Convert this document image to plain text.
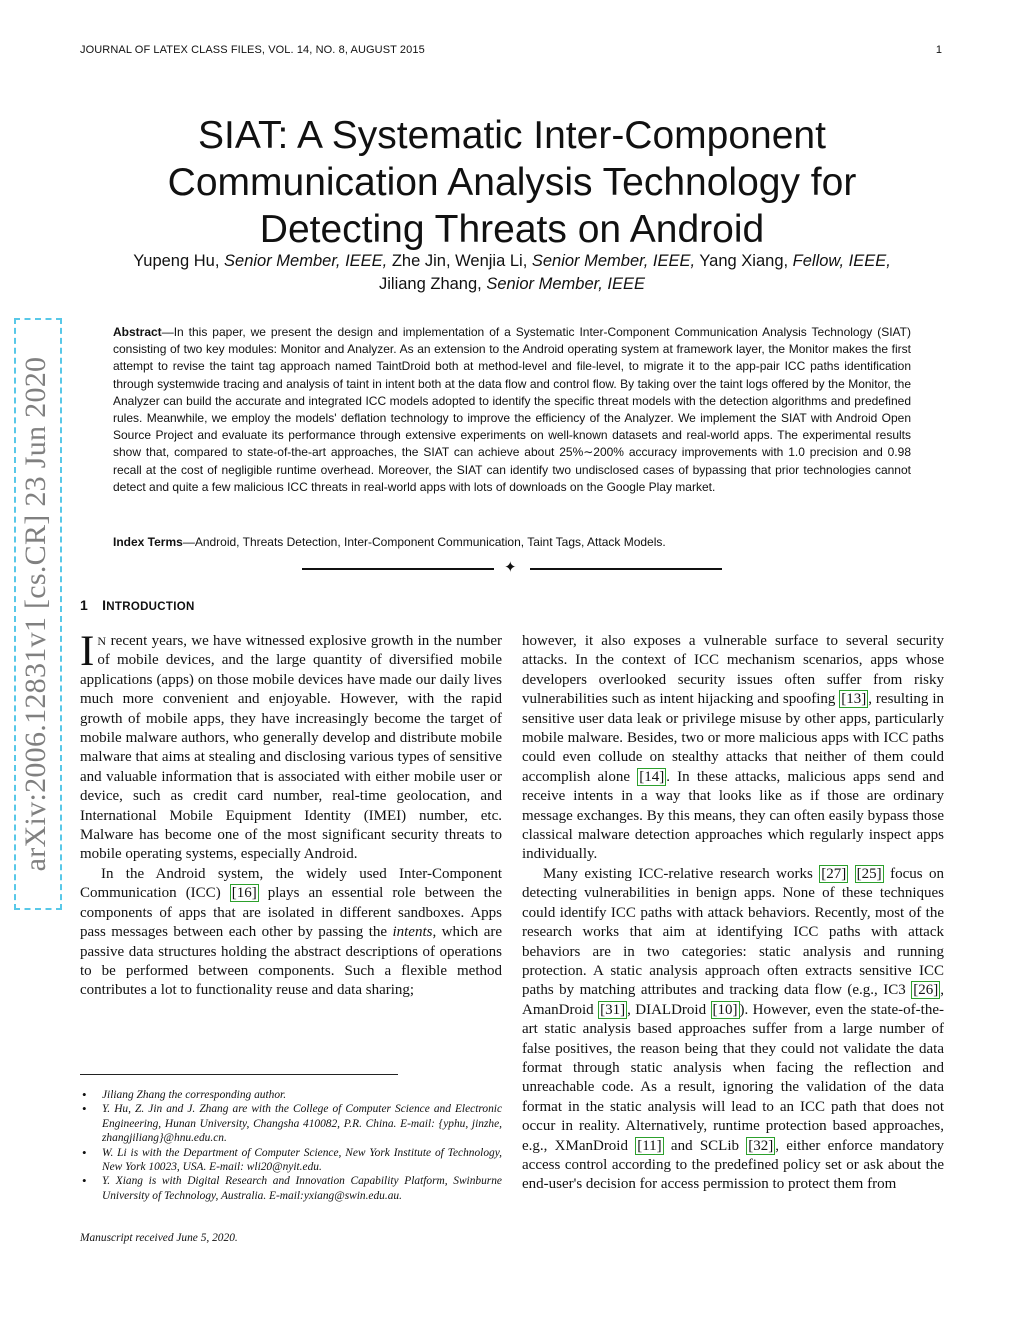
JOURNAL OF LATEX CLASS FILES, VOL. 14, NO. 8, AUGUST 2015	1
SIAT: A Systematic Inter-Component
Communication Analysis Technology for
Detecting Threats on Android
Yupeng Hu, Senior Member, IEEE, Zhe Jin, Wenjia Li, Senior Member, IEEE, Yang Xiang, Fellow, IEEE,
Jiliang Zhang, Senior Member, IEEE
Abstract—In this paper, we present the design and implementation of a Systematic Inter-Component Communication Analysis Technology (SIAT) consisting of two key modules: Monitor and Analyzer. As an extension to the Android operating system at framework layer, the Monitor makes the first attempt to revise the taint tag approach named TaintDroid both at method-level and file-level, to migrate it to the app-pair ICC paths identification through systemwide tracing and analysis of taint in intent both at the data flow and control flow. By taking over the taint logs offered by the Monitor, the Analyzer can build the accurate and integrated ICC models adopted to identify the specific threat models with the detection algorithms and predefined rules. Meanwhile, we employ the models' deflation technology to improve the efficiency of the Analyzer. We implement the SIAT with Android Open Source Project and evaluate its performance through extensive experiments on well-known datasets and real-world apps. The experimental results show that, compared to state-of-the-art approaches, the SIAT can achieve about 25%∼200% accuracy improvements with 1.0 precision and 0.98 recall at the cost of negligible runtime overhead. Moreover, the SIAT can identify two undisclosed cases of bypassing that prior technologies cannot detect and quite a few malicious ICC threats in real-world apps with lots of downloads on the Google Play market.
Index Terms—Android, Threats Detection, Inter-Component Communication, Taint Tags, Attack Models.
✦
1 INTRODUCTION

I N recent years, we have witnessed explosive growth in the number of mobile devices, and the large quantity of diversified mobile applications (apps) on those mobile devices have made our daily lives much more convenient and enjoyable. However, with the rapid growth of mobile apps, they have increasingly become the target of mobile malware authors, who generally develop and distribute mobile malware that aims at stealing and disclosing various types of sensitive and valuable information that is associated with either mobile user or device, such as credit card number, real-time geolocation, and International Mobile Equipment Identity (IMEI) number, etc. Malware has become one of the most significant security threats to mobile operating systems, especially Android.

In the Android system, the widely used Inter-Component Communication (ICC) [16] plays an essential role between the components of apps that are isolated in different sandboxes. Apps pass messages between each other by passing the intents, which are passive data structures holding the abstract descriptions of operations to be performed between components. Such a flexible method contributes a lot to functionality reuse and data sharing;

however, it also exposes a vulnerable surface to several security attacks. In the context of ICC mechanism scenarios, apps whose developers overlooked security issues often suffer from risky vulnerabilities such as intent hijacking and spoofing [13] , resulting in sensitive user data leak or privilege misuse by other apps, particularly mobile malware. Besides, two or more malicious apps with ICC paths could even collude on stealthy attacks that neither of them could accomplish alone [14] . In these attacks, malicious apps send and receive intents in a way that looks like as if those are ordinary message exchanges. By this means, they can often easily bypass those classical malware detection approaches which regularly inspect apps individually.

Many existing ICC-relative research works [27] [25] focus on detecting vulnerabilities in benign apps. None of these techniques could identify ICC paths with attack behaviors. Recently, most of the research works that aim at identifying ICC paths with attack behaviors are in two categories: static analysis and running protection. A static analysis approach often extracts sensitive ICC paths by matching attributes and tracking data flow (e.g., IC3 [26] , AmanDroid [31] , DIALDroid [10] ). However, even the state-of-the-art static analysis based approaches suffer from a large number of false positives, the reason being that they could not validate the data format through static analysis when facing the reflection and unreachable code. As a result, ignoring the validation of the data format in the static analysis will lead to an ICC path that does not occur in reality. Alternatively, runtime protection based approaches, e.g., XManDroid [11] and SCLib [32] , either enforce mandatory access control according to the predefined policy set or ask about the end-user's decision for access permission to protect them from

• Jiliang Zhang the corresponding author.
• Y. Hu, Z. Jin and J. Zhang are with the College of Computer Science and Electronic Engineering, Hunan University, Changsha 410082, P.R. China. E-mail: {yphu, jinzhe, zhangjiliang}@hnu.edu.cn.
• W. Li is with the Department of Computer Science, New York Institute of Technology, New York 10023, USA. E-mail: wli20@nyit.edu.
• Y. Xiang is with Digital Research and Innovation Capability Platform, Swinburne University of Technology, Australia. E-mail:yxiang@swin.edu.au.
Manuscript received June 5, 2020.
arXiv:2006.12831v1 [cs.CR] 23 Jun 2020
